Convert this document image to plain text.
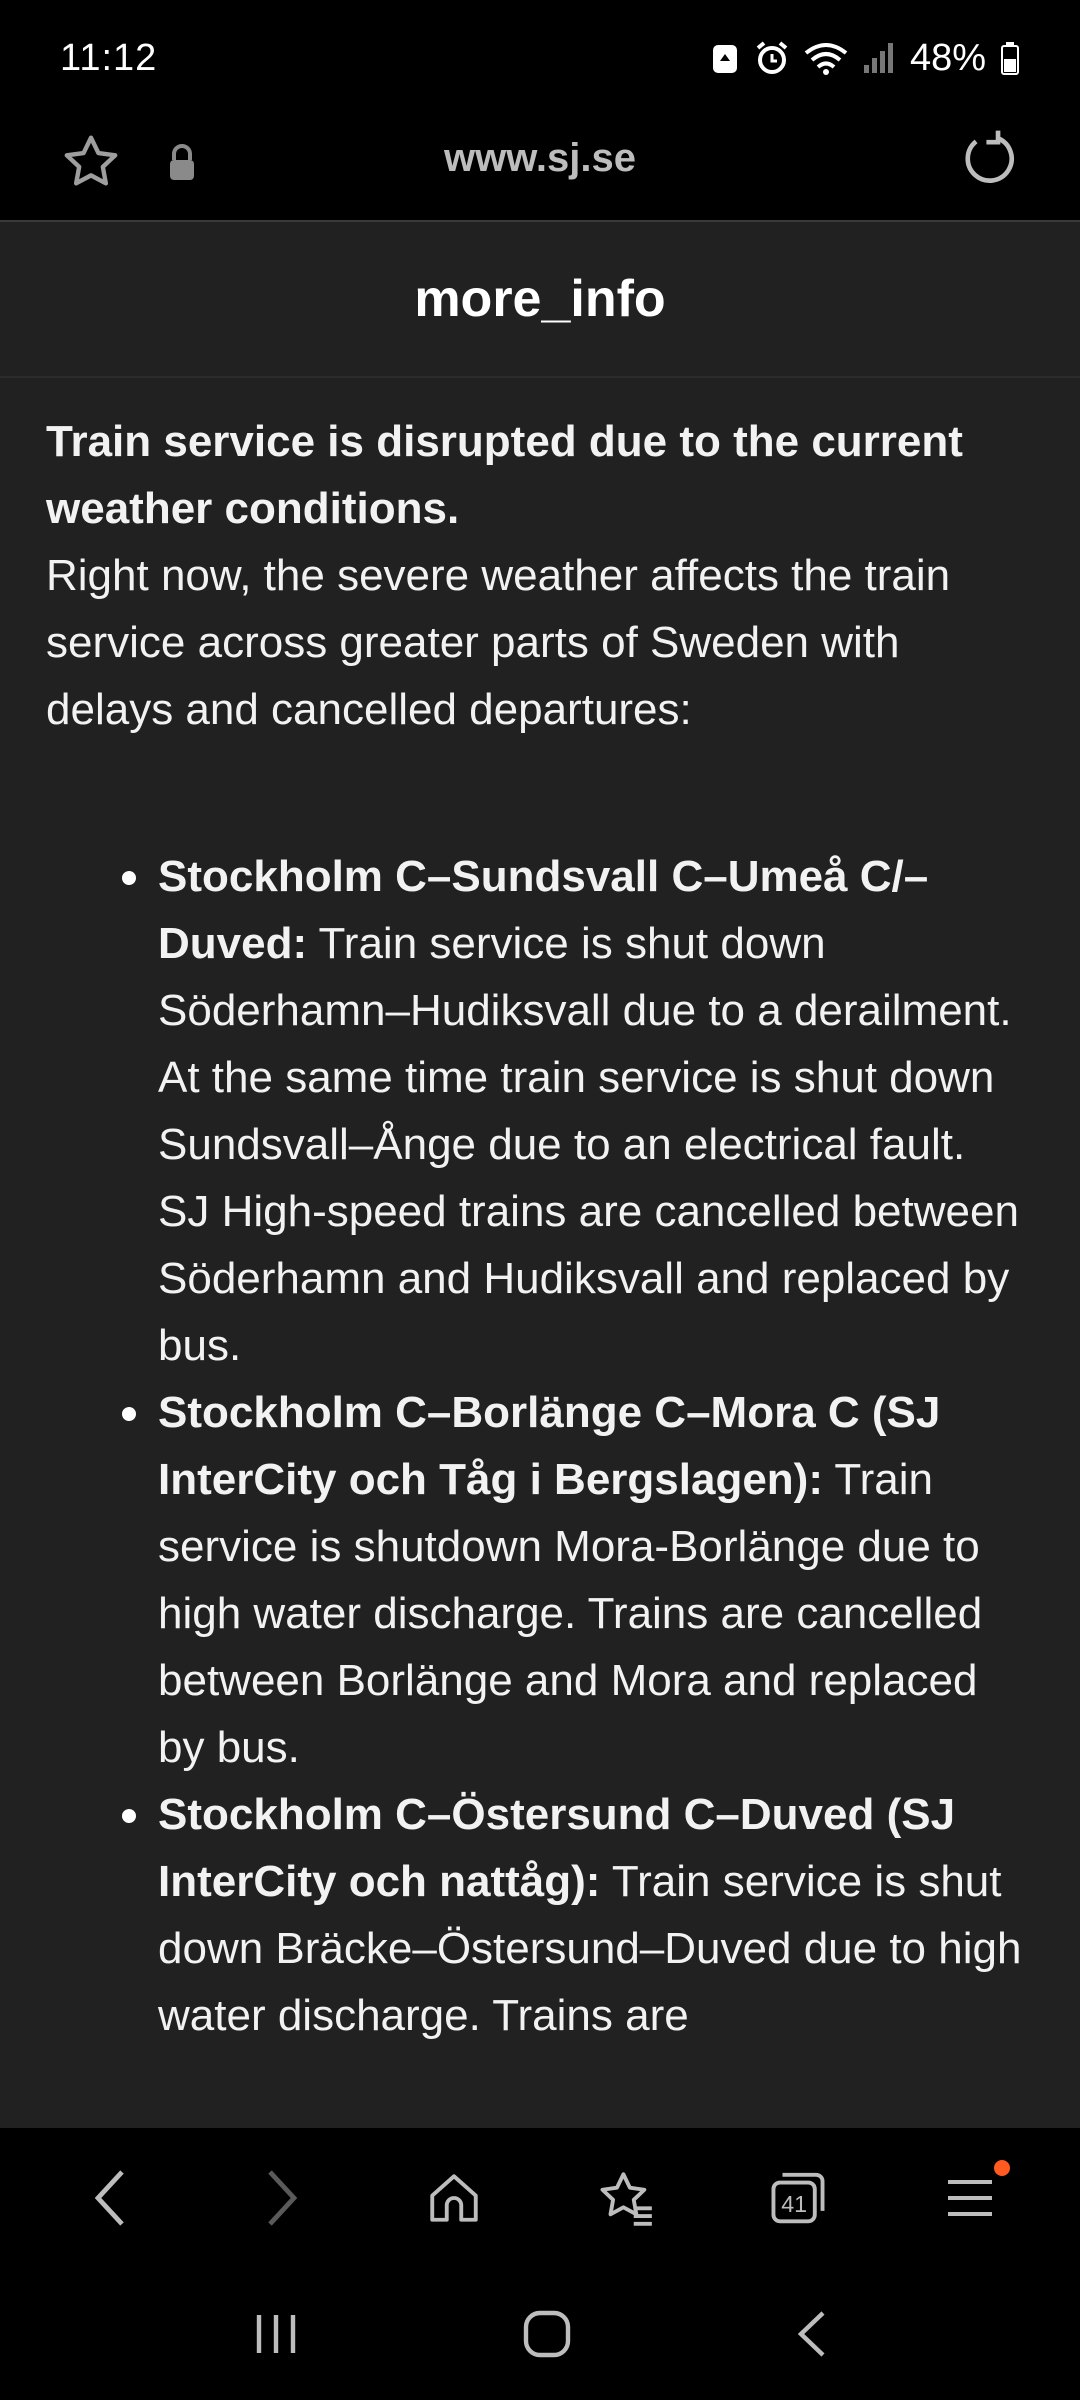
11:12	48%
www.sj.se
more_info
Train service is disrupted due to the current weather conditions.
Right now, the severe weather affects the train service across greater parts of Sweden with delays and cancelled departures:
Stockholm C–Sundsvall C–Umeå C/–Duved: Train service is shut down Söderhamn–Hudiksvall due to a derailment. At the same time train service is shut down Sundsvall–Ånge due to an electrical fault. SJ High-speed trains are cancelled between Söderhamn and Hudiksvall and replaced by bus.
Stockholm C–Borlänge C–Mora C (SJ InterCity och Tåg i Bergslagen): Train service is shutdown Mora-Borlänge due to high water discharge. Trains are cancelled between Borlänge and Mora and replaced by bus.
Stockholm C–Östersund C–Duved (SJ InterCity och nattåg): Train service is shut down Bräcke–Östersund–Duved due to high water discharge. Trains are
41
